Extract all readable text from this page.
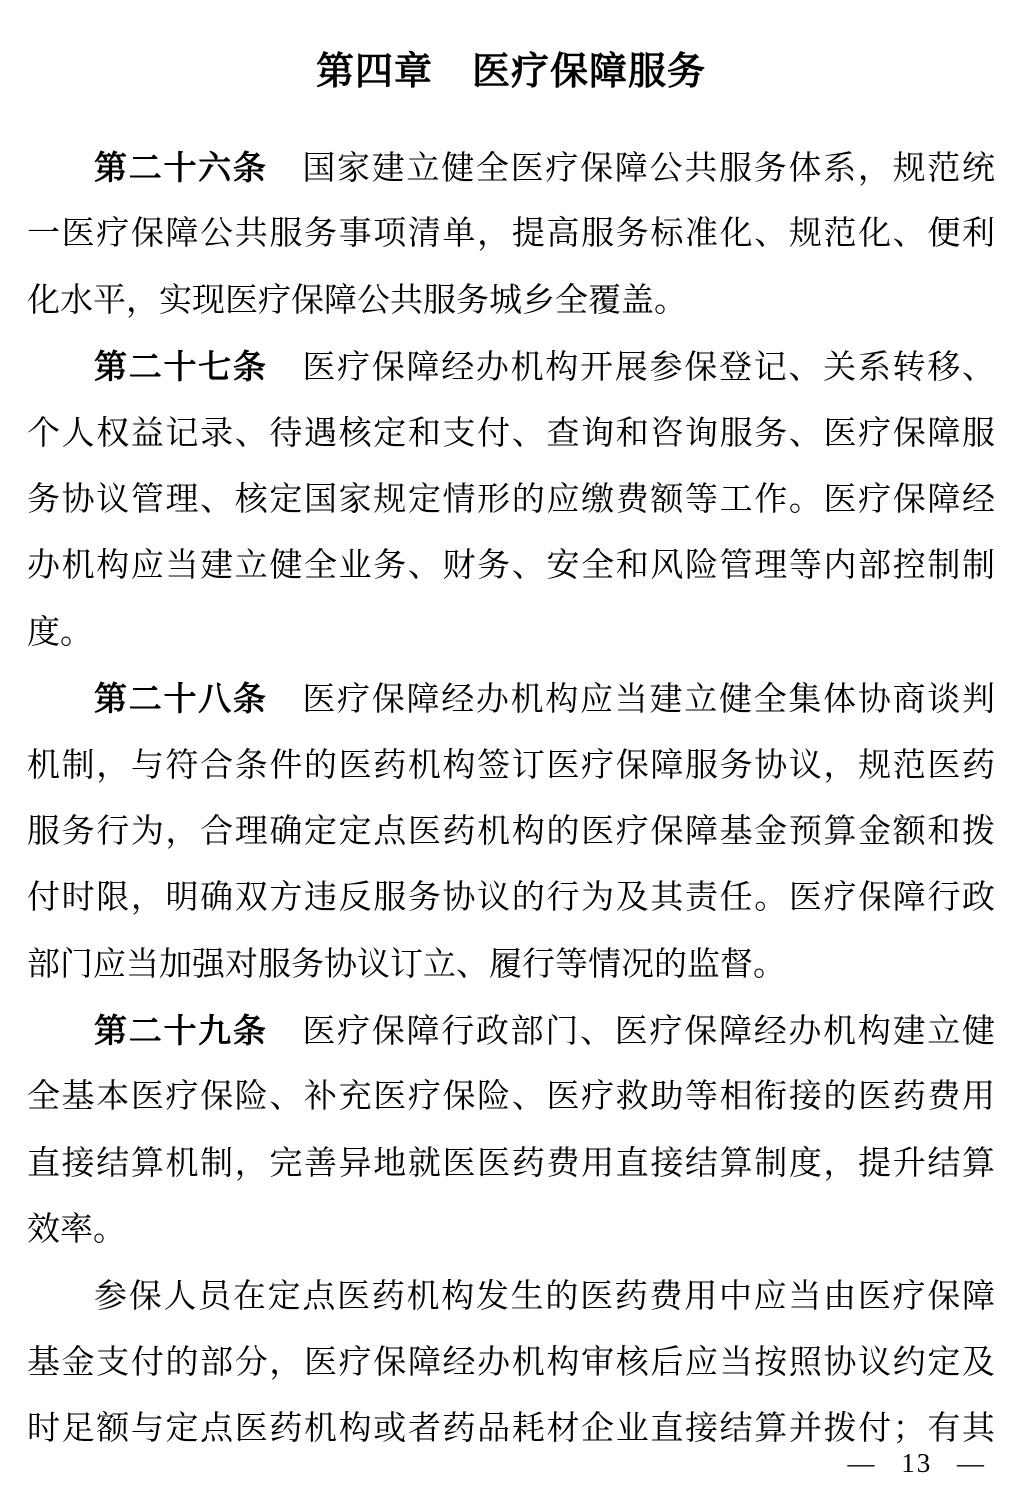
第四章　医疗保障服务
第二十六条　国家建立健全医疗保障公共服务体系，规范统
一医疗保障公共服务事项清单，提高服务标准化、规范化、便利
化水平，实现医疗保障公共服务城乡全覆盖。
第二十七条　医疗保障经办机构开展参保登记、关系转移、
个人权益记录、待遇核定和支付、查询和咨询服务、医疗保障服
务协议管理、核定国家规定情形的应缴费额等工作。医疗保障经
办机构应当建立健全业务、财务、安全和风险管理等内部控制制
度。
第二十八条　医疗保障经办机构应当建立健全集体协商谈判
机制，与符合条件的医药机构签订医疗保障服务协议，规范医药
服务行为，合理确定定点医药机构的医疗保障基金预算金额和拨
付时限，明确双方违反服务协议的行为及其责任。医疗保障行政
部门应当加强对服务协议订立、履行等情况的监督。
第二十九条　医疗保障行政部门、医疗保障经办机构建立健
全基本医疗保险、补充医疗保险、医疗救助等相衔接的医药费用
直接结算机制，完善异地就医医药费用直接结算制度，提升结算
效率。
参保人员在定点医药机构发生的医药费用中应当由医疗保障
基金支付的部分，医疗保障经办机构审核后应当按照协议约定及
时足额与定点医药机构或者药品耗材企业直接结算并拨付；有其
— 13 —
